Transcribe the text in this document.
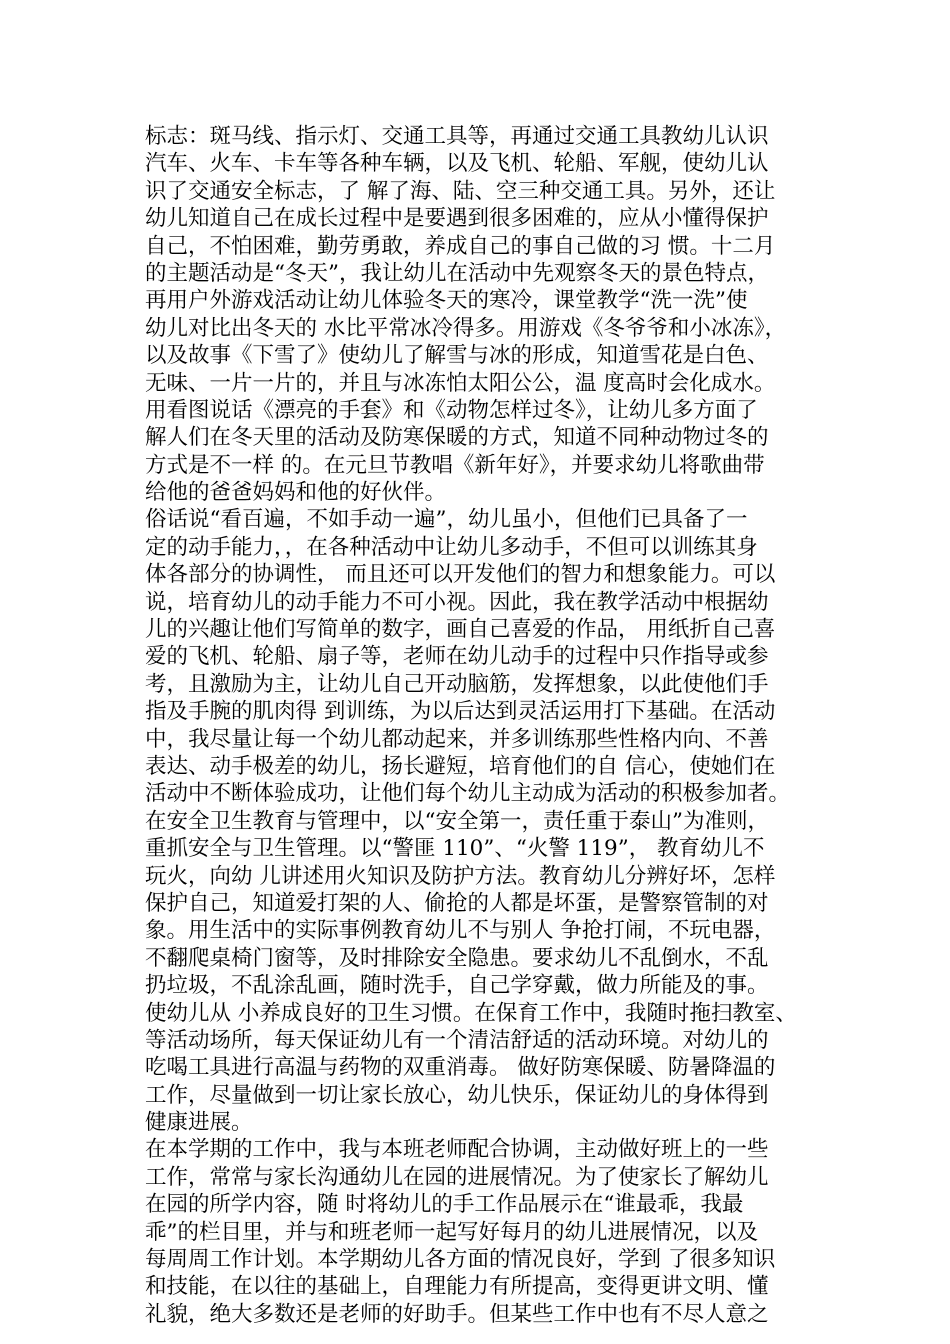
标志：斑马线、指示灯、交通工具等，再通过交通工具教幼儿认识
汽车、火车、卡车等各种车辆，以及飞机、轮船、军舰，使幼儿认
识了交通安全标志，了 解了海、陆、空三种交通工具。另外，还让
幼儿知道自己在成长过程中是要遇到很多困难的，应从小懂得保护
自己，不怕困难，勤劳勇敢，养成自己的事自己做的习 惯。十二月
的主题活动是“冬天”，我让幼儿在活动中先观察冬天的景色特点，
再用户外游戏活动让幼儿体验冬天的寒冷，课堂教学“洗一洗”使
幼儿对比出冬天的 水比平常冰冷得多。用游戏《冬爷爷和小冰冻》，
以及故事《下雪了》使幼儿了解雪与冰的形成，知道雪花是白色、
无味、一片一片的，并且与冰冻怕太阳公公，温 度高时会化成水。
用看图说话《漂亮的手套》和《动物怎样过冬》，让幼儿多方面了
解人们在冬天里的活动及防寒保暖的方式，知道不同种动物过冬的
方式是不一样 的。在元旦节教唱《新年好》，并要求幼儿将歌曲带
给他的爸爸妈妈和他的好伙伴。
俗话说“看百遍，不如手动一遍”，幼儿虽小，但他们已具备了一
定的动手能力，，在各种活动中让幼儿多动手，不但可以训练其身
体各部分的协调性， 而且还可以开发他们的智力和想象能力。可以
说，培育幼儿的动手能力不可小视。因此，我在教学活动中根据幼
儿的兴趣让他们写简单的数字，画自己喜爱的作品， 用纸折自己喜
爱的飞机、轮船、扇子等，老师在幼儿动手的过程中只作指导或参
考，且激励为主，让幼儿自己开动脑筋，发挥想象，以此使他们手
指及手腕的肌肉得 到训练，为以后达到灵活运用打下基础。在活动
中，我尽量让每一个幼儿都动起来，并多训练那些性格内向、不善
表达、动手极差的幼儿，扬长避短，培育他们的自 信心，使她们在
活动中不断体验成功，让他们每个幼儿主动成为活动的积极参加者。
在安全卫生教育与管理中，以“安全第一，责任重于泰山”为准则，
重抓安全与卫生管理。以“警匪 110”、“火警 119”， 教育幼儿不
玩火，向幼 儿讲述用火知识及防护方法。教育幼儿分辨好坏，怎样
保护自己，知道爱打架的人、偷抢的人都是坏蛋，是警察管制的对
象。用生活中的实际事例教育幼儿不与别人 争抢打闹，不玩电器，
不翻爬桌椅门窗等，及时排除安全隐患。要求幼儿不乱倒水，不乱
扔垃圾，不乱涂乱画，随时洗手，自己学穿戴，做力所能及的事。
使幼儿从 小养成良好的卫生习惯。在保育工作中，我随时拖扫教室、
等活动场所，每天保证幼儿有一个清洁舒适的活动环境。对幼儿的
吃喝工具进行高温与药物的双重消毒。 做好防寒保暖、防暑降温的
工作，尽量做到一切让家长放心，幼儿快乐，保证幼儿的身体得到
健康进展。
在本学期的工作中，我与本班老师配合协调，主动做好班上的一些
工作，常常与家长沟通幼儿在园的进展情况。为了使家长了解幼儿
在园的所学内容，随 时将幼儿的手工作品展示在“谁最乖，我最
乖”的栏目里，并与和班老师一起写好每月的幼儿进展情况，以及
每周周工作计划。本学期幼儿各方面的情况良好，学到 了很多知识
和技能，在以往的基础上，自理能力有所提高，变得更讲文明、懂
礼貌，绝大多数还是老师的好助手。但某些工作中也有不尽人意之
